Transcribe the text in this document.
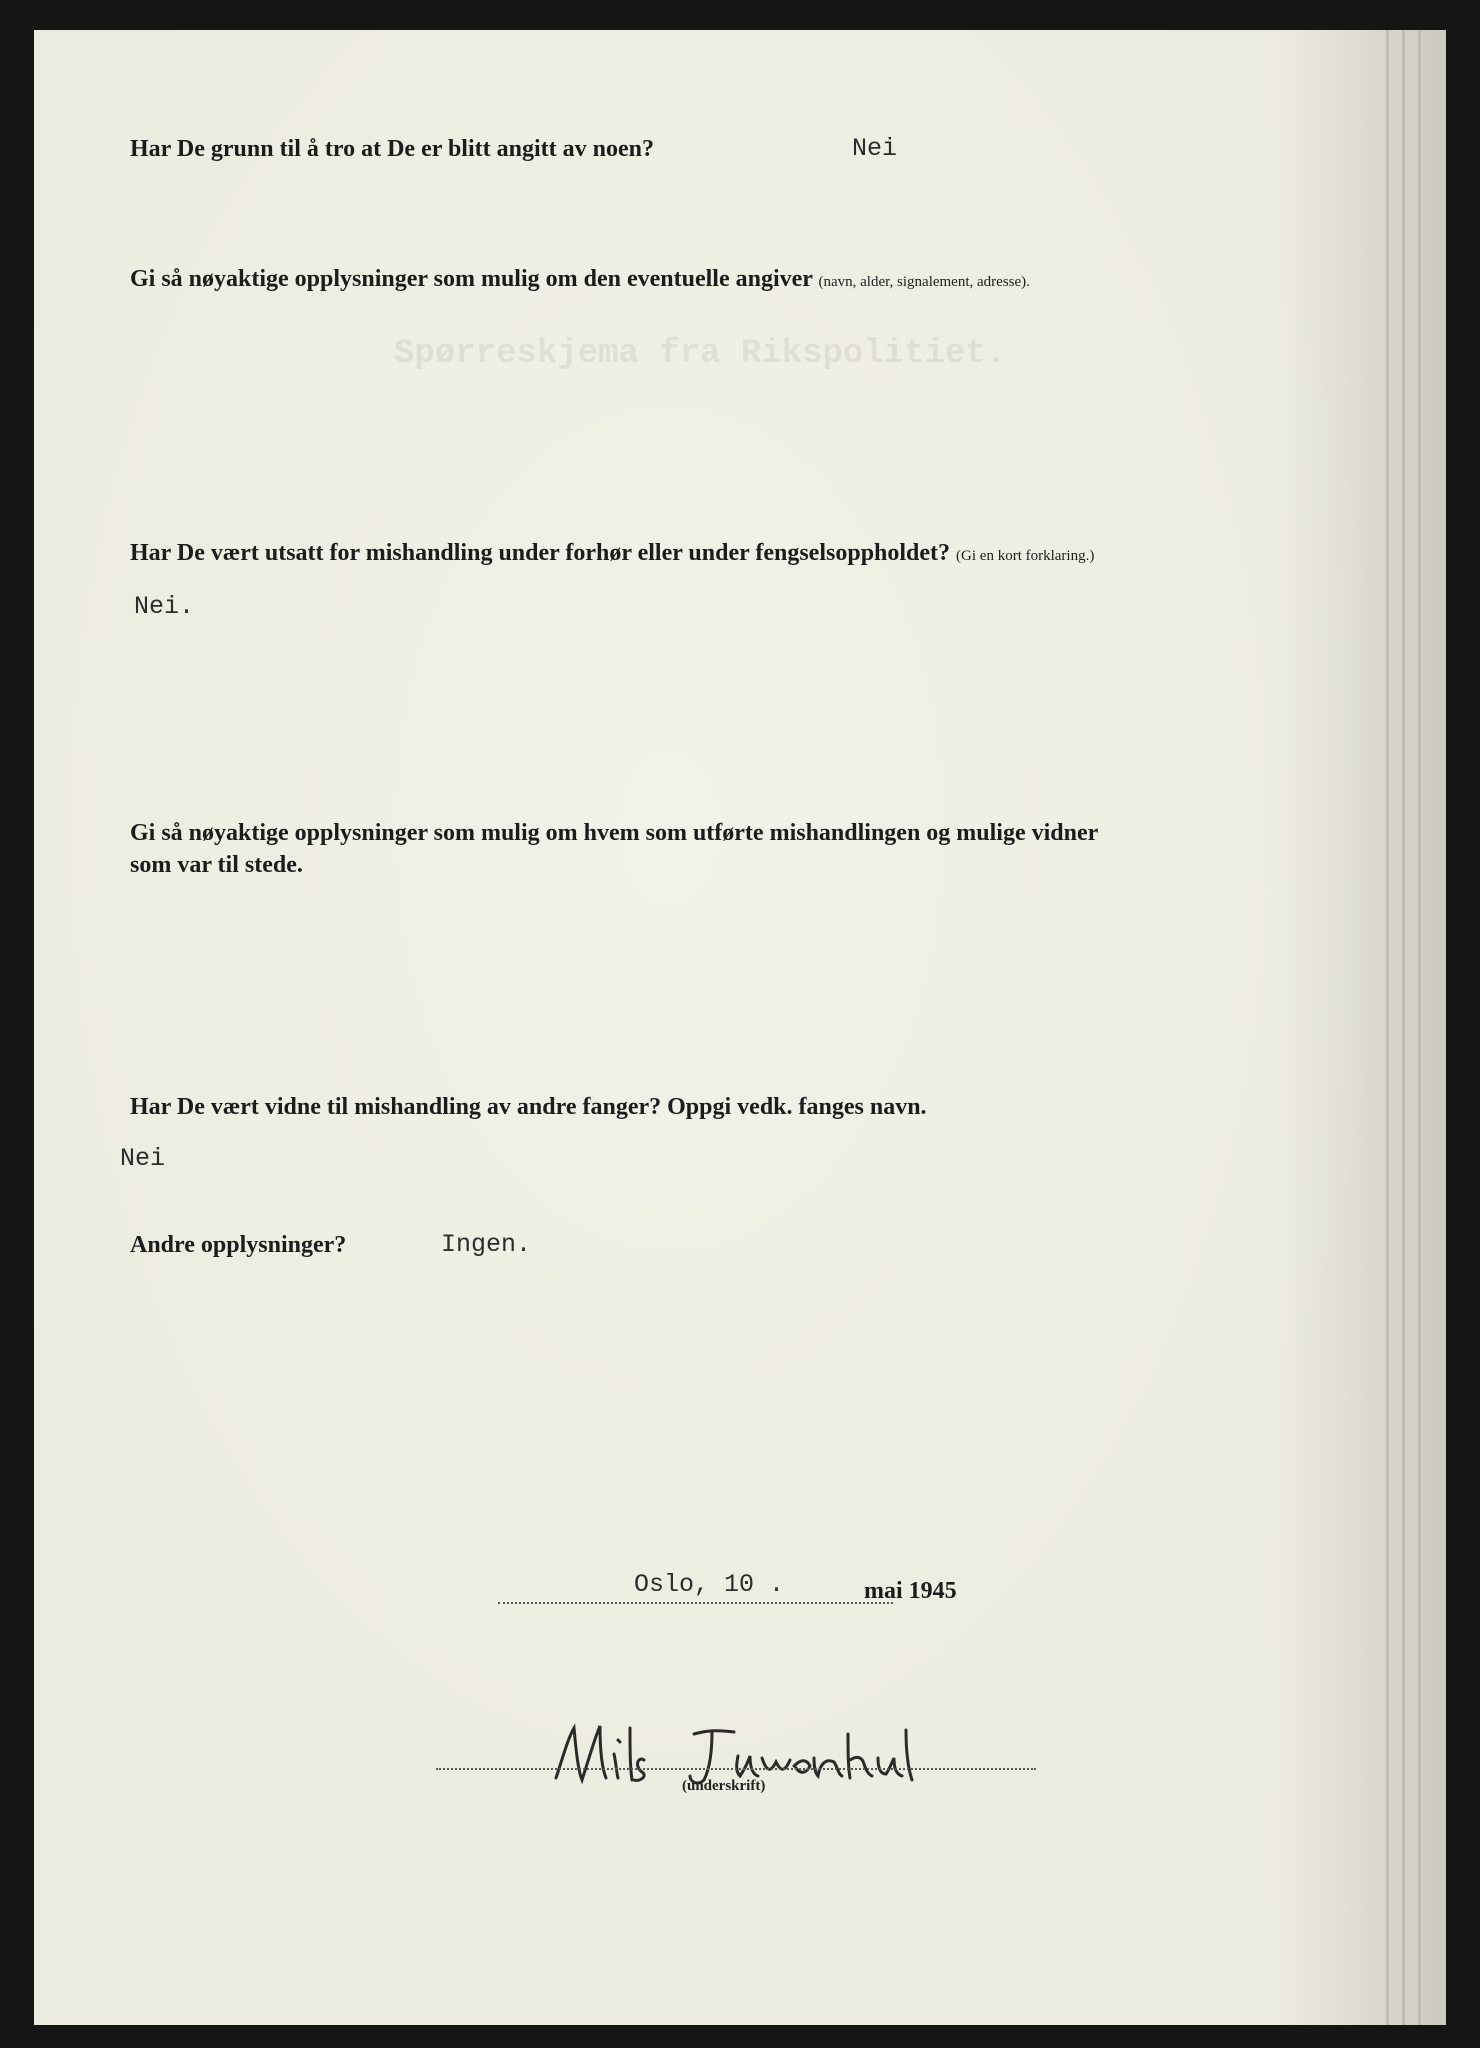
Spørreskjema fra Rikspolitiet.
Har De grunn til å tro at De er blitt angitt av noen?	Nei
Gi så nøyaktige opplysninger som mulig om den eventuelle angiver (navn, alder, signalement, adresse).
Har De vært utsatt for mishandling under forhør eller under fengselsoppholdet? (Gi en kort forklaring.)
Nei.
Gi så nøyaktige opplysninger som mulig om hvem som utførte mishandlingen og mulige vidner
som var til stede.
Har De vært vidne til mishandling av andre fanger? Oppgi vedk. fanges navn.
Nei
Andre opplysninger?	Ingen.
Oslo, 10 .	mai 1945
(underskrift)
